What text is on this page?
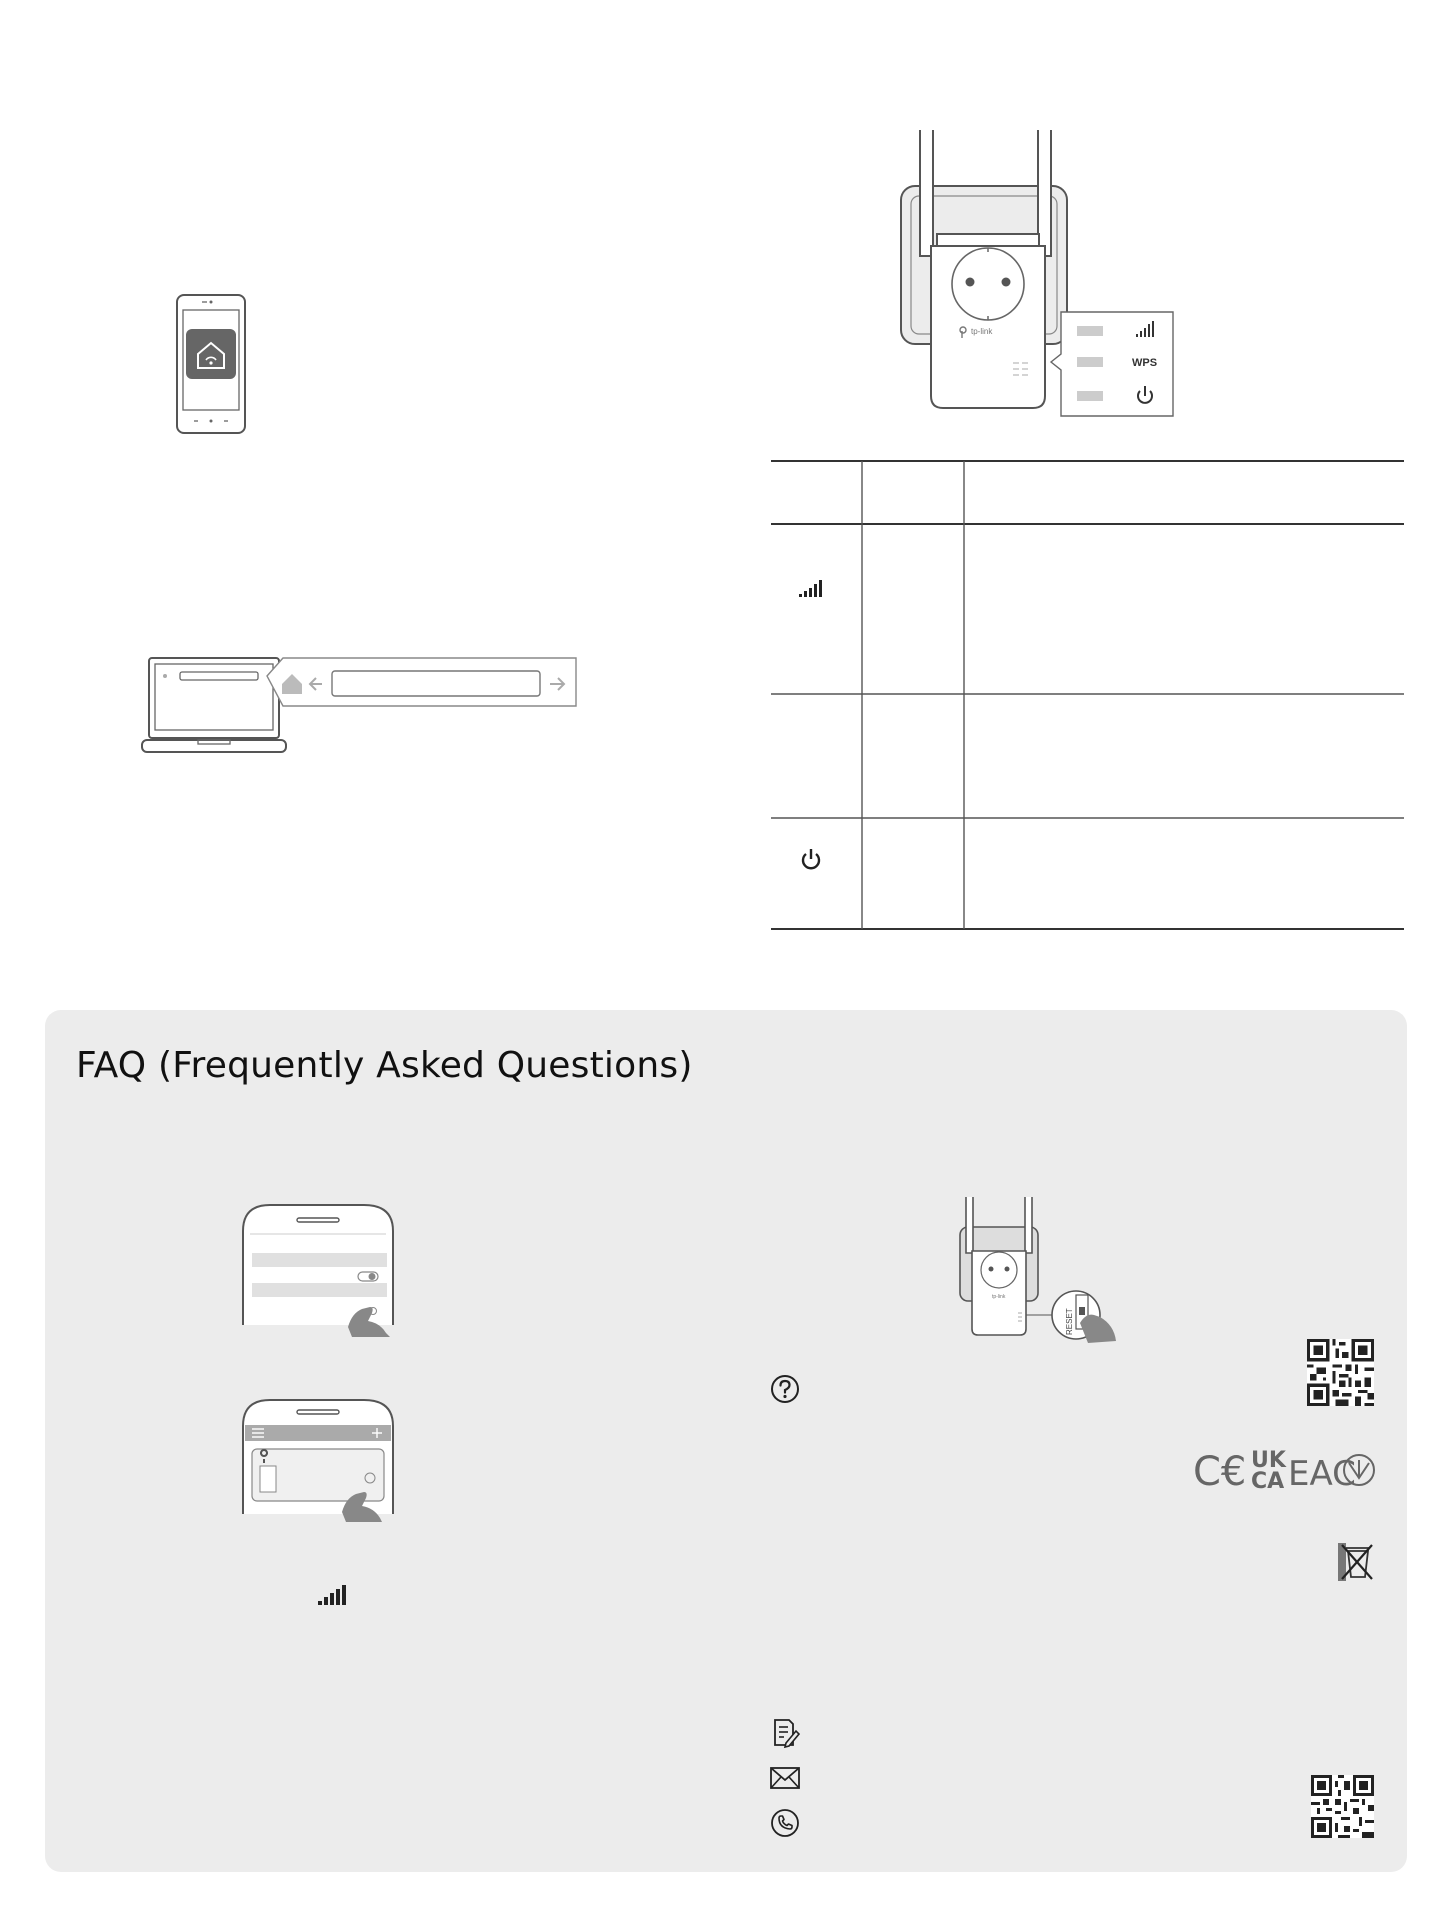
tp-link
WPS
FAQ (Frequently Asked Questions)
tp-link
RESET
C€ UK
CA EAC
